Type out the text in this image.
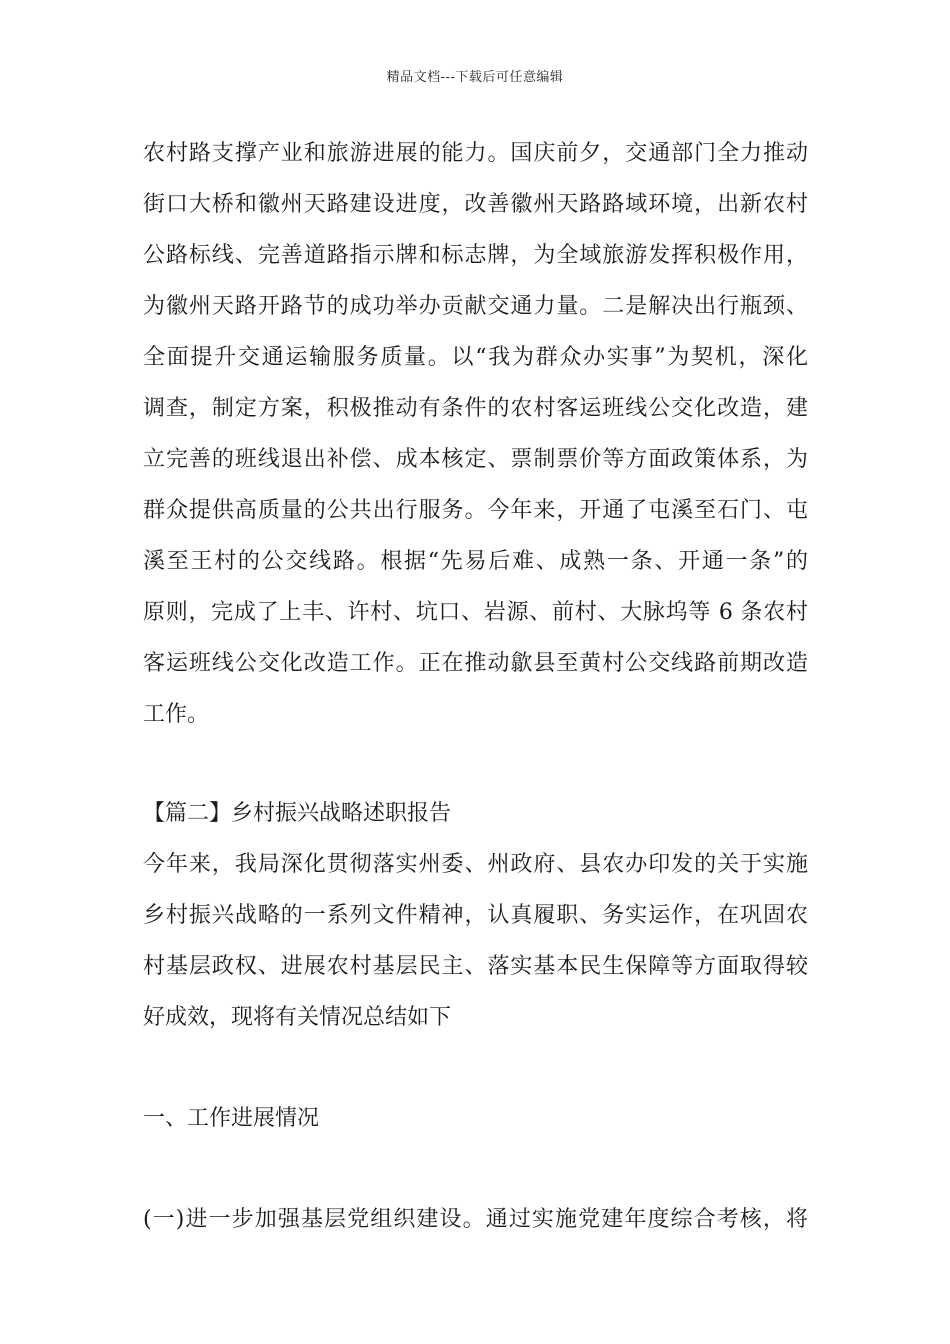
精品文档---下载后可任意编辑
农村路支撑产业和旅游进展的能力。国庆前夕，交通部门全力推动
街口大桥和徽州天路建设进度，改善徽州天路路域环境，出新农村
公路标线、完善道路指示牌和标志牌，为全域旅游发挥积极作用，
为徽州天路开路节的成功举办贡献交通力量。二是解决出行瓶颈、
全面提升交通运输服务质量。以“我为群众办实事”为契机，深化
调查，制定方案，积极推动有条件的农村客运班线公交化改造，建
立完善的班线退出补偿、成本核定、票制票价等方面政策体系，为
群众提供高质量的公共出行服务。今年来，开通了屯溪至石门、屯
溪至王村的公交线路。根据“先易后难、成熟一条、开通一条”的
原则，完成了上丰、许村、坑口、岩源、前村、大脉坞等 6 条农村
客运班线公交化改造工作。正在推动歙县至黄村公交线路前期改造
工作。
【篇二】乡村振兴战略述职报告
今年来，我局深化贯彻落实州委、州政府、县农办印发的关于实施
乡村振兴战略的一系列文件精神，认真履职、务实运作，在巩固农
村基层政权、进展农村基层民主、落实基本民生保障等方面取得较
好成效，现将有关情况总结如下
一、工作进展情况
(一)进一步加强基层党组织建设。通过实施党建年度综合考核，将
